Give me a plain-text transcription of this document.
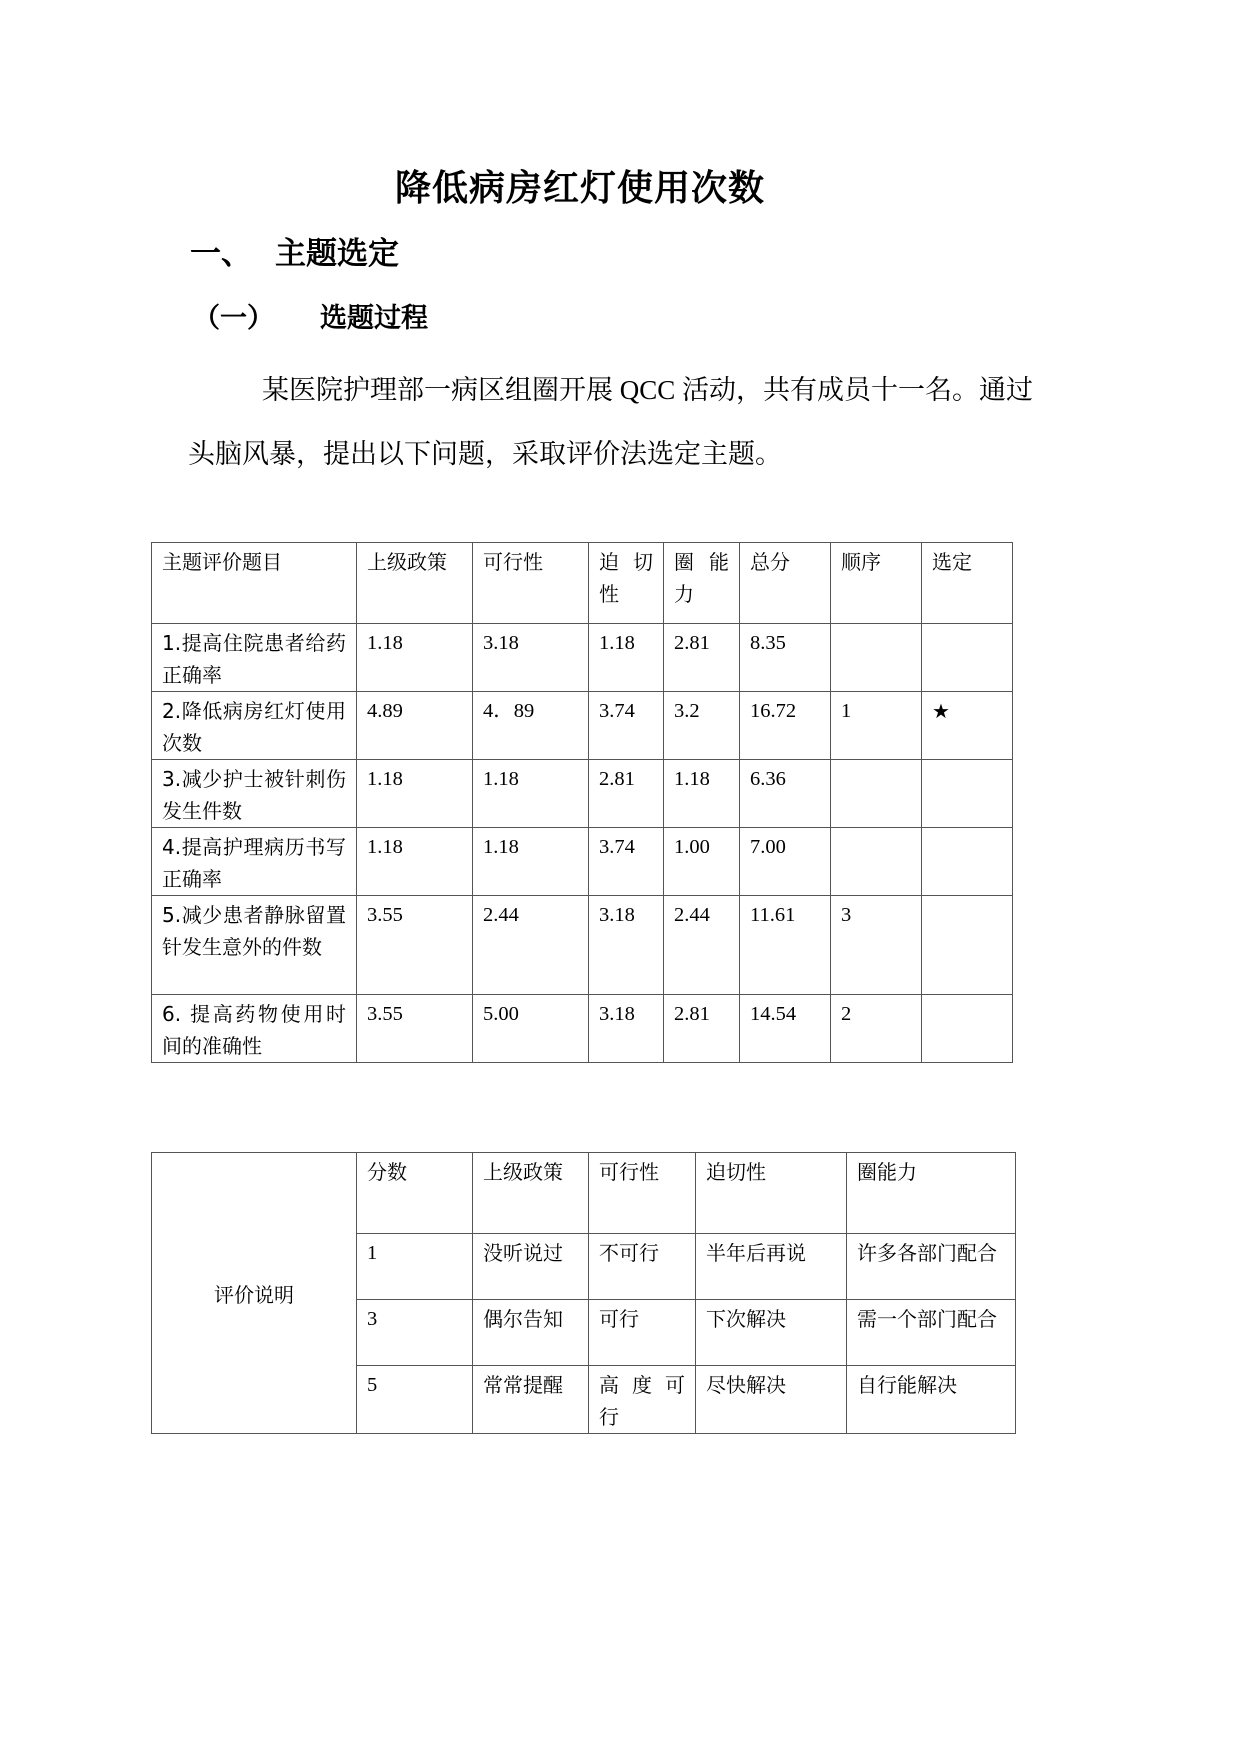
降低病房红灯使用次数
一、 主题选定
（一） 选题过程
某医院护理部一病区组圈开展 QCC 活动，共有成员十一名。通过头脑风暴，提出以下问题，采取评价法选定主题。
主题评价题目	上级政策	可行性	迫 切 性	圈 能 力	总分	顺序	选定
1.提高住院患者给药正确率	1.18	3.18	1.18	2.81	8.35		
2.降低病房红灯使用次数	4.89	4．89	3.74	3.2	16.72	1	★
3.减少护士被针刺伤发生件数	1.18	1.18	2.81	1.18	6.36		
4.提高护理病历书写正确率	1.18	1.18	3.74	1.00	7.00		
5.减少患者静脉留置针发生意外的件数	3.55	2.44	3.18	2.44	11.61	3	
6. 提高药物使用时间的准确性	3.55	5.00	3.18	2.81	14.54	2	
评价说明	分数	上级政策	可行性	迫切性	圈能力
	1	没听说过	不可行	半年后再说	许多各部门配合
	3	偶尔告知	可行	下次解决	需一个部门配合
	5	常常提醒	高 度 可 行	尽快解决	自行能解决
